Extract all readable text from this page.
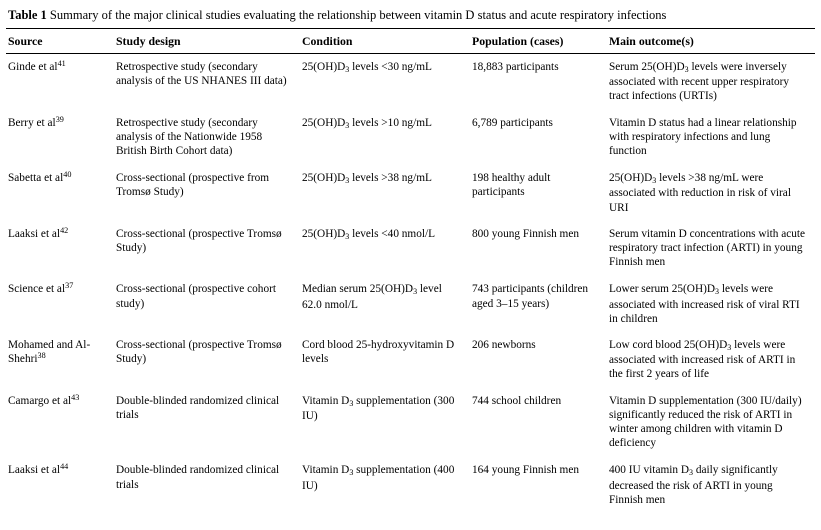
Table 1 Summary of the major clinical studies evaluating the relationship between vitamin D status and acute respiratory infections
Source	Study design	Condition	Population (cases)	Main outcome(s)
Ginde et $al^{41}$	Retrospective study (secondary analysis of the US NHANES III data)	$25(OH)D_3$ levels <30 ng/mL	18,883 participants	Serum $25(OH)D_3$ levels were inversely associated with recent upper respiratory tract infections (URTIs)
Berry et $al^{39}$	Retrospective study (secondary analysis of the Nationwide 1958 British Birth Cohort data)	$25(OH)D_3$ levels >10 ng/mL	6,789 participants	Vitamin D status had a linear relationship with respiratory infections and lung function
Sabetta et $al^{40}$	Cross-sectional (prospective from Tromsø Study)	$25(OH)D_3$ levels >38 ng/mL	198 healthy adult participants	$25(OH)D_3$ levels >38 ng/mL were associated with reduction in risk of viral URI
Laaksi et $al^{42}$	Cross-sectional (prospective Tromsø Study)	$25(OH)D_3$ levels <40 nmol/L	800 young Finnish men	Serum vitamin D concentrations with acute respiratory tract infection (ARTI) in young Finnish men
Science et $al^{37}$	Cross-sectional (prospective cohort study)	Median serum $25(OH)D_3$ level 62.0 nmol/L	743 participants (children aged 3–15 years)	Lower serum $25(OH)D_3$ levels were associated with increased risk of viral RTI in children
Mohamed and Al-Shehri$^{38}$	Cross-sectional (prospective Tromsø Study)	Cord blood 25-hydroxyvitamin D levels	206 newborns	Low cord blood $25(OH)D_3$ levels were associated with increased risk of ARTI in the first 2 years of life
Camargo et $al^{43}$	Double-blinded randomized clinical trials	Vitamin $D_3$ supplementation (300 IU)	744 school children	Vitamin D supplementation (300 IU/daily) significantly reduced the risk of ARTI in winter among children with vitamin D deficiency
Laaksi et $al^{44}$	Double-blinded randomized clinical trials	Vitamin $D_3$ supplementation (400 IU)	164 young Finnish men	400 IU vitamin $D_3$ daily significantly decreased the risk of ARTI in young Finnish men
